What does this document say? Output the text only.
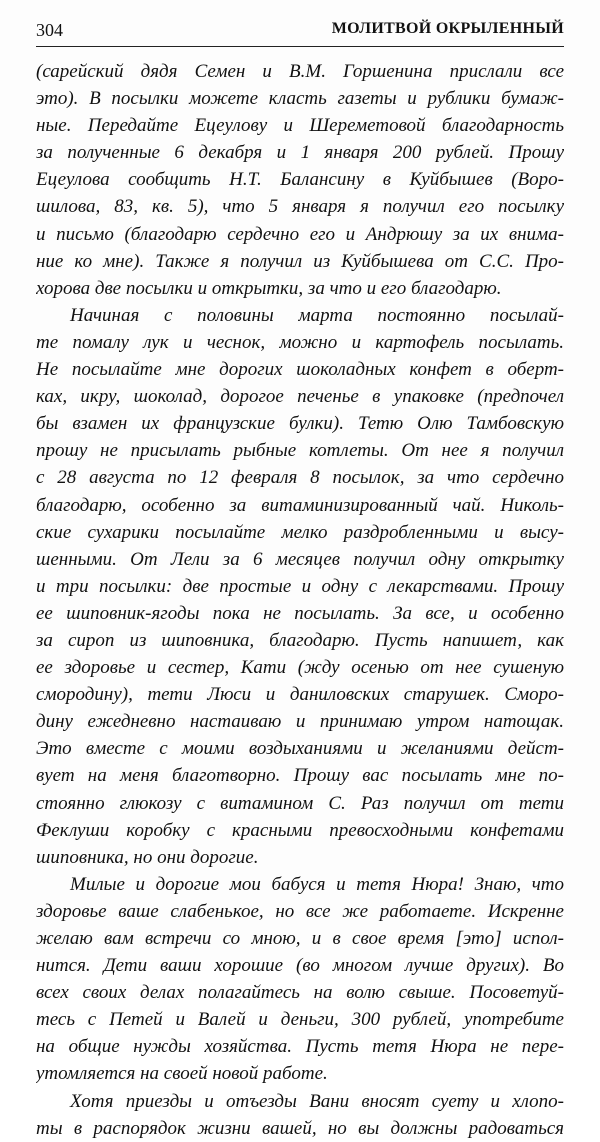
304	МОЛИТВОЙ ОКРЫЛЕННЫЙ
(сарейский дядя Семен и В.М. Горшенина прислали все
это). В посылки можете класть газеты и рублики бумаж-
ные. Передайте Ецеулову и Шереметовой благодарность
за полученные 6 декабря и 1 января 200 рублей. Прошу
Ецеулова сообщить Н.Т. Балансину в Куйбышев (Воро-
шилова, 83, кв. 5), что 5 января я получил его посылку
и письмо (благодарю сердечно его и Андрюшу за их внима-
ние ко мне). Также я получил из Куйбышева от С.С. Про-
хорова две посылки и открытки, за что и его благодарю.
Начиная с половины марта постоянно посылай-
те помалу лук и чеснок, можно и картофель посылать.
Не посылайте мне дорогих шоколадных конфет в оберт-
ках, икру, шоколад, дорогое печенье в упаковке (предпочел
бы взамен их французские булки). Тетю Олю Тамбовскую
прошу не присылать рыбные котлеты. От нее я получил
с 28 августа по 12 февраля 8 посылок, за что сердечно
благодарю, особенно за витаминизированный чай. Николь-
ские сухарики посылайте мелко раздробленными и высу-
шенными. От Лели за 6 месяцев получил одну открытку
и три посылки: две простые и одну с лекарствами. Прошу
ее шиповник-ягоды пока не посылать. За все, и особенно
за сироп из шиповника, благодарю. Пусть напишет, как
ее здоровье и сестер, Кати (жду осенью от нее сушеную
смородину), тети Люси и даниловских старушек. Сморо-
дину ежедневно настаиваю и принимаю утром натощак.
Это вместе с моими воздыханиями и желаниями дейст-
вует на меня благотворно. Прошу вас посылать мне по-
стоянно глюкозу с витамином С. Раз получил от тети
Феклуши коробку с красными превосходными конфетами
шиповника, но они дорогие.
Милые и дорогие мои бабуся и тетя Нюра! Знаю, что
здоровье ваше слабенькое, но все же работаете. Искренне
желаю вам встречи со мною, и в свое время [это] испол-
нится. Дети ваши хорошие (во многом лучше других). Во
всех своих делах полагайтесь на волю свыше. Посоветуй-
тесь с Петей и Валей и деньги, 300 рублей, употребите
на общие нужды хозяйства. Пусть тетя Нюра не пере-
утомляется на своей новой работе.
Хотя приезды и отъезды Вани вносят суету и хлопо-
ты в распорядок жизни вашей, но вы должны радоваться
